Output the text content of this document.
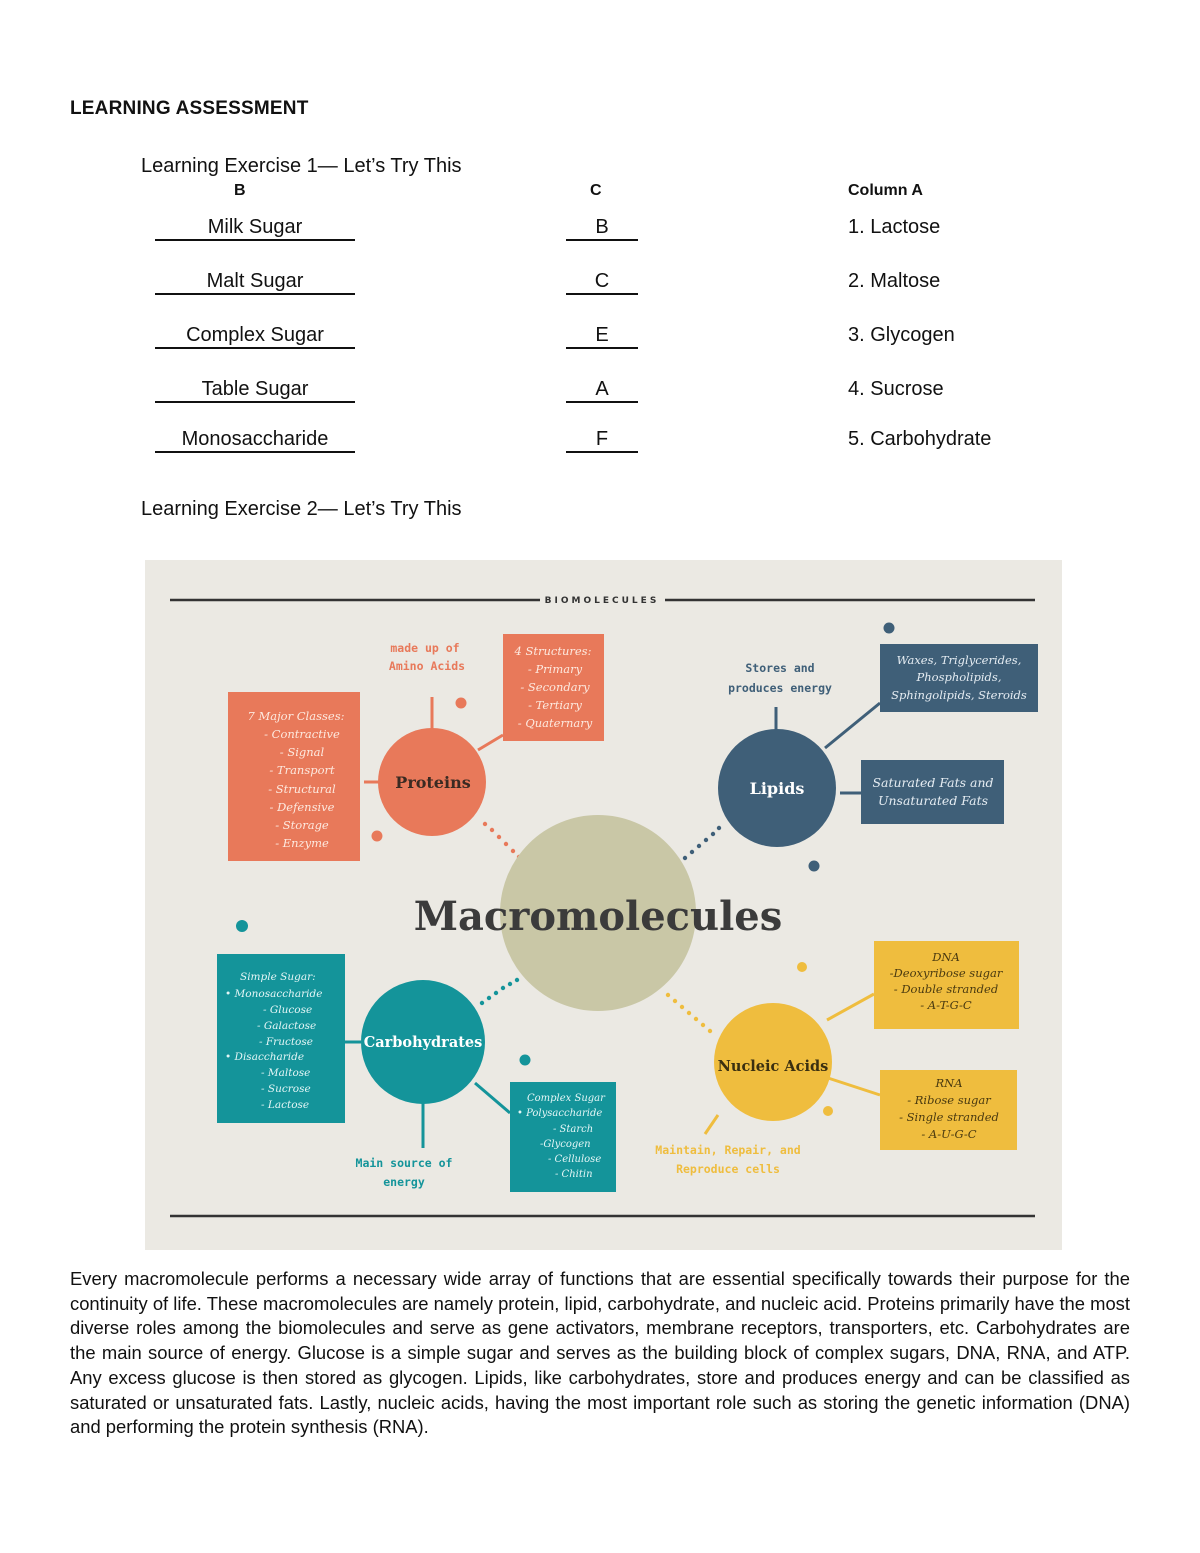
LEARNING ASSESSMENT
Learning Exercise 1— Let’s Try This
B	C	Column A
Milk Sugar	B	1. Lactose
Malt Sugar	C	2. Maltose
Complex Sugar	E	3. Glycogen
Table Sugar	A	4. Sucrose
Monosaccharide	F	5. Carbohydrate
Learning Exercise 2— Let’s Try This
BIOMOLECULES
Macromolecules
Proteins
made up of
Amino Acids
7 Major Classes:
- Contractive
- Signal
- Transport
- Structural
- Defensive
- Storage
- Enzyme
4 Structures:
- Primary
- Secondary
- Tertiary
- Quaternary
Lipids
Stores and
produces energy
Waxes, Triglycerides,
Phospholipids,
Sphingolipids, Steroids
Saturated Fats and
Unsaturated Fats
Carbohydrates
Main source of
energy
Simple Sugar:
• Monosaccharide
- Glucose
- Galactose
- Fructose
• Disaccharide
- Maltose
- Sucrose
- Lactose
Complex Sugar
• Polysaccharide
- Starch
-Glycogen
- Cellulose
- Chitin
Nucleic Acids
Maintain, Repair, and
Reproduce cells
DNA
-Deoxyribose sugar
- Double stranded
- A-T-G-C
RNA
- Ribose sugar
- Single stranded
- A-U-G-C
Every macromolecule performs a necessary wide array of functions that are essential specifically towards their purpose for the continuity of life. These macromolecules are namely protein, lipid, carbohydrate, and nucleic acid. Proteins primarily have the most diverse roles among the biomolecules and serve as gene activators, membrane receptors, transporters, etc. Carbohydrates are the main source of energy. Glucose is a simple sugar and serves as the building block of complex sugars, DNA, RNA, and ATP. Any excess glucose is then stored as glycogen. Lipids, like carbohydrates, store and produces energy and can be classified as saturated or unsaturated fats. Lastly, nucleic acids, having the most important role such as storing the genetic information (DNA) and performing the protein synthesis (RNA).
